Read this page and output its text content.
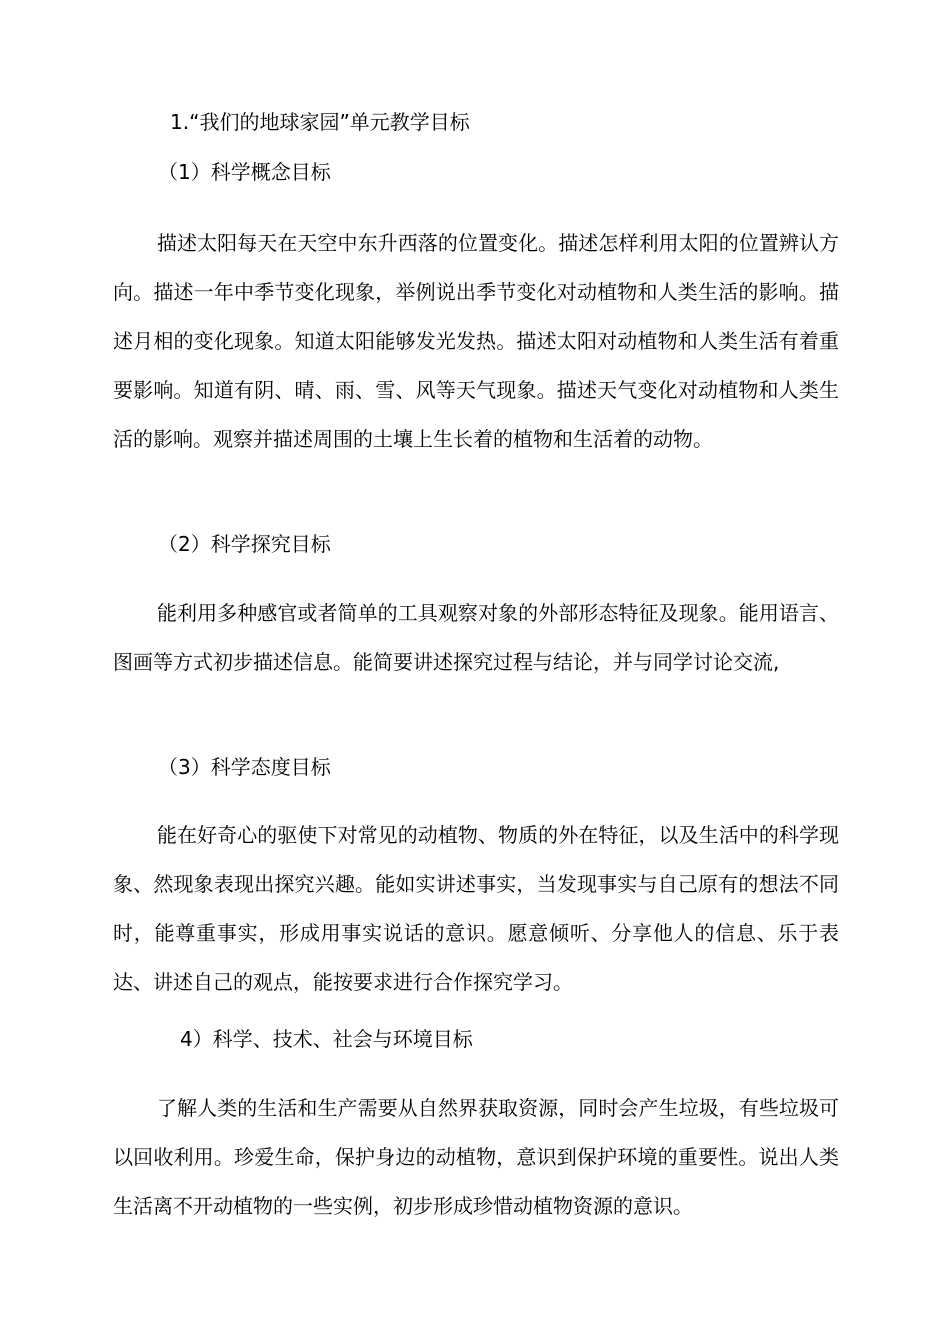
1.“我们的地球家园”单元教学目标
（1）科学概念目标

描述太阳每天在天空中东升西落的位置变化。描述怎样利用太阳的位置辨认方向。描述一年中季节变化现象，举例说出季节变化对动植物和人类生活的影响。描述月相的变化现象。知道太阳能够发光发热。描述太阳对动植物和人类生活有着重要影响。知道有阴、晴、雨、雪、风等天气现象。描述天气变化对动植物和人类生活的影响。观察并描述周围的土壤上生长着的植物和生活着的动物。

（2）科学探究目标

能利用多种感官或者简单的工具观察对象的外部形态特征及现象。能用语言、图画等方式初步描述信息。能简要讲述探究过程与结论，并与同学讨论交流,

（3）科学态度目标

能在好奇心的驱使下对常见的动植物、物质的外在特征，以及生活中的科学现象、然现象表现出探究兴趣。能如实讲述事实，当发现事实与自己原有的想法不同时，能尊重事实，形成用事实说话的意识。愿意倾听、分享他人的信息、乐于表达、讲述自己的观点，能按要求进行合作探究学习。

4）科学、技术、社会与环境目标

了解人类的生活和生产需要从自然界获取资源，同时会产生垃圾，有些垃圾可以回收利用。珍爱生命，保护身边的动植物，意识到保护环境的重要性。说出人类生活离不开动植物的一些实例，初步形成珍惜动植物资源的意识。
